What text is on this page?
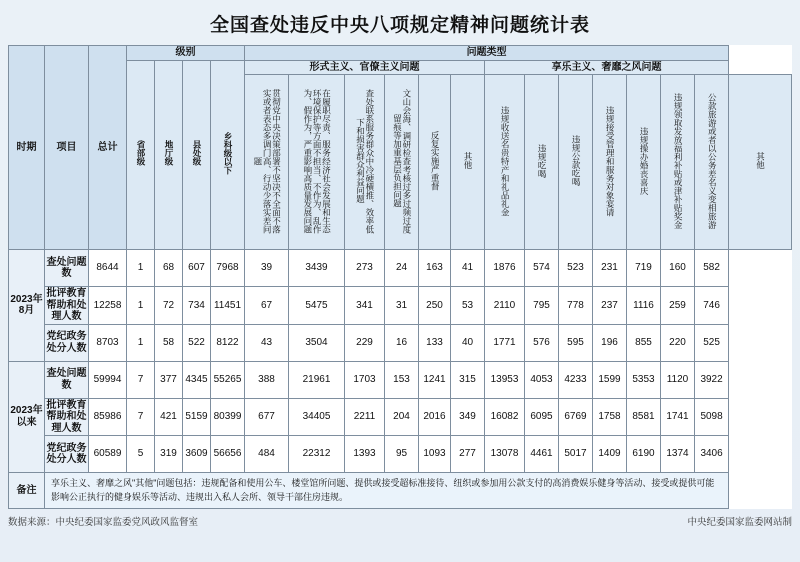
全国查处违反中央八项规定精神问题统计表
时期	项目	总计	级别				问题类型													
			省部级	地厅级	县处级	乡科级以下	形式主义、官僚主义问题						享乐主义、奢靡之风问题							
							贯彻党中央决策部署不坚决不全面不落实或者表态多调门高、行动少落实差问题	在履职尽责、服务经济社会发展和生态环境保护等方面不担当、不作为、乱作为、假作为，严重影响高质量发展问题	查处联系服务群众中冷硬横推、效率低下和损害群众利益问题	文山会海、调研检查考核过多过频过度留痕等加重基层负担问题	反复实施严重督	其他	违规收送名贵特产和礼品礼金	违规吃喝	违规公款吃喝	违规接受管理和服务对象宴请	违规操办婚丧喜庆	违规领取发放福利补贴或津补贴奖金	公款旅游或者以公务差名义变相旅游	其他
2023年8月	查处问题数	8644	1	68	607	7968	39	3439	273	24	163	41	1876	574	523	231	719	160	582	
	批评教育帮助和处理人数	12258	1	72	734	11451	67	5475	341	31	250	53	2110	795	778	237	1116	259	746	
	党纪政务处分人数	8703	1	58	522	8122	43	3504	229	16	133	40	1771	576	595	196	855	220	525	
2023年以来	查处问题数	59994	7	377	4345	55265	388	21961	1703	153	1241	315	13953	4053	4233	1599	5353	1120	3922	
	批评教育帮助和处理人数	85986	7	421	5159	80399	677	34405	2211	204	2016	349	16082	6095	6769	1758	8581	1741	5098	
	党纪政务处分人数	60589	5	319	3609	56656	484	22312	1393	95	1093	277	13078	4461	5017	1409	6190	1374	3406	
备注	享乐主义、奢靡之风"其他"问题包括：违规配备和使用公车、楼堂馆所问题、提供或接受超标准接待、纽织或参加用公款支付的高消费娱乐健身等活动、接受或提供可能影响公正执行的健身娱乐等活动、违规出入私人会所、领导干部住房违规。																			
数据来源：中央纪委国家监委党风政风监督室	中央纪委国家监委网站制
